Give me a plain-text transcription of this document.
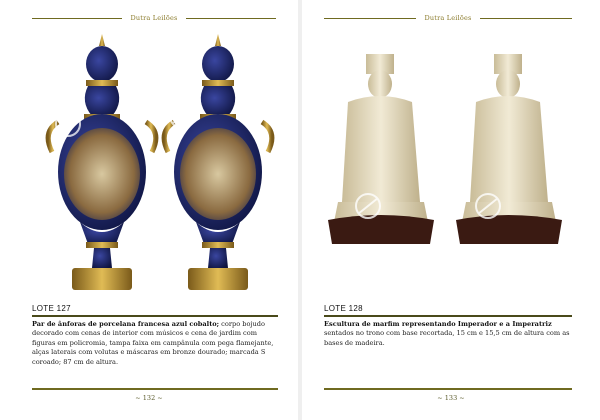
Dutra Leilões
LOTE 127
Par de ânforas de porcelana francesa azul cobalto; corpo bojudo decorado com cenas de interior com músicos e cena de jardim com figuras em policromia, tampa faixa em campânula com pega flamejante, alças laterais com volutas e máscaras em bronze dourado; marcada S coroado; 87 cm de altura.
~ 132 ~
Dutra Leilões
LOTE 128
Escultura de marfim representando Imperador e a Imperatriz sentados no trono com base recortada, 15 cm e 15,5 cm de altura com as bases de madeira.
~ 133 ~
